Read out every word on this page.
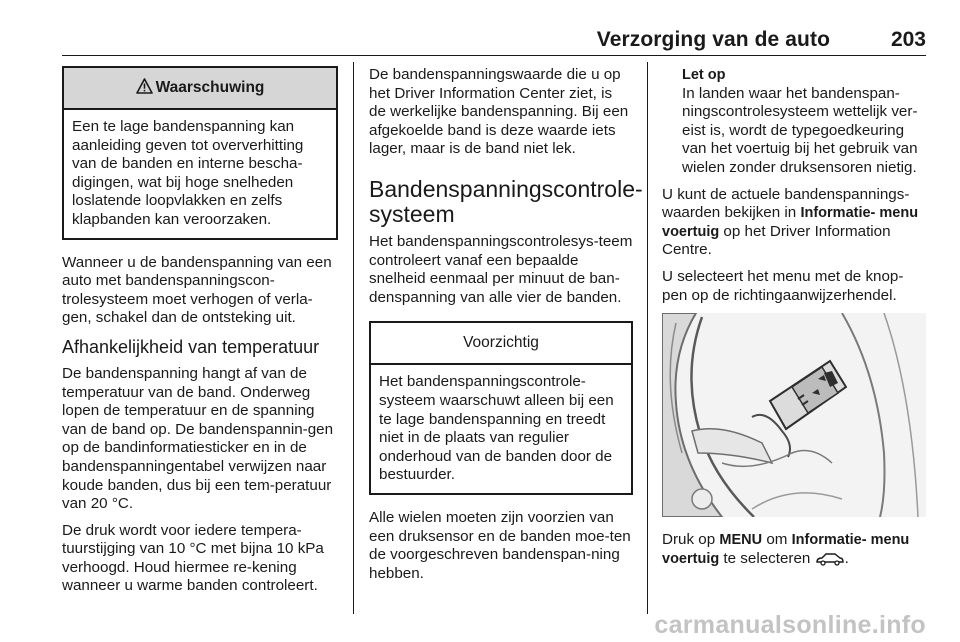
Verzorging van de auto	203
Waarschuwing
Een te lage bandenspanning kan aanleiding geven tot oververhitting van de banden en interne bescha-digingen, wat bij hoge snelheden loslatende loopvlakken en zelfs klapbanden kan veroorzaken.

Wanneer u de bandenspanning van een auto met bandenspanningscon-trolesysteem moet verhogen of verla-gen, schakel dan de ontsteking uit.

Afhankelijkheid van temperatuur

De bandenspanning hangt af van de temperatuur van de band. Onderweg lopen de temperatuur en de spanning van de band op. De bandenspannin-gen op de bandinformatiesticker en in de bandenspanningentabel verwijzen naar koude banden, dus bij een tem-peratuur van 20 °C.

De druk wordt voor iedere tempera-tuurstijging van 10 °C met bijna 10 kPa verhoogd. Houd hiermee re-kening wanneer u warme banden controleert.

De bandenspanningswaarde die u op het Driver Information Center ziet, is de werkelijke bandenspanning. Bij een afgekoelde band is deze waarde iets lager, maar is de band niet lek.

Bandenspanningscontrole-systeem

Het bandenspanningscontrolesys-teem controleert vanaf een bepaalde snelheid eenmaal per minuut de ban-denspanning van alle vier de banden.

Voorzichtig
Het bandenspanningscontrole-systeem waarschuwt alleen bij een te lage bandenspanning en treedt niet in de plaats van regulier onderhoud van de banden door de bestuurder.

Alle wielen moeten zijn voorzien van een druksensor en de banden moe-ten de voorgeschreven bandenspan-ning hebben.

Let op
In landen waar het bandenspan-ningscontrolesysteem wettelijk ver-eist is, wordt de typegoedkeuring van het voertuig bij het gebruik van wielen zonder druksensoren nietig.

U kunt de actuele bandenspannings-waarden bekijken in Informatie- menu voertuig op het Driver Information Centre.

U selecteert het menu met de knop-pen op de richtingaanwijzerhendel.

Druk op MENU om Informatie- menu voertuig te selecteren .

carmanualsonline.info
